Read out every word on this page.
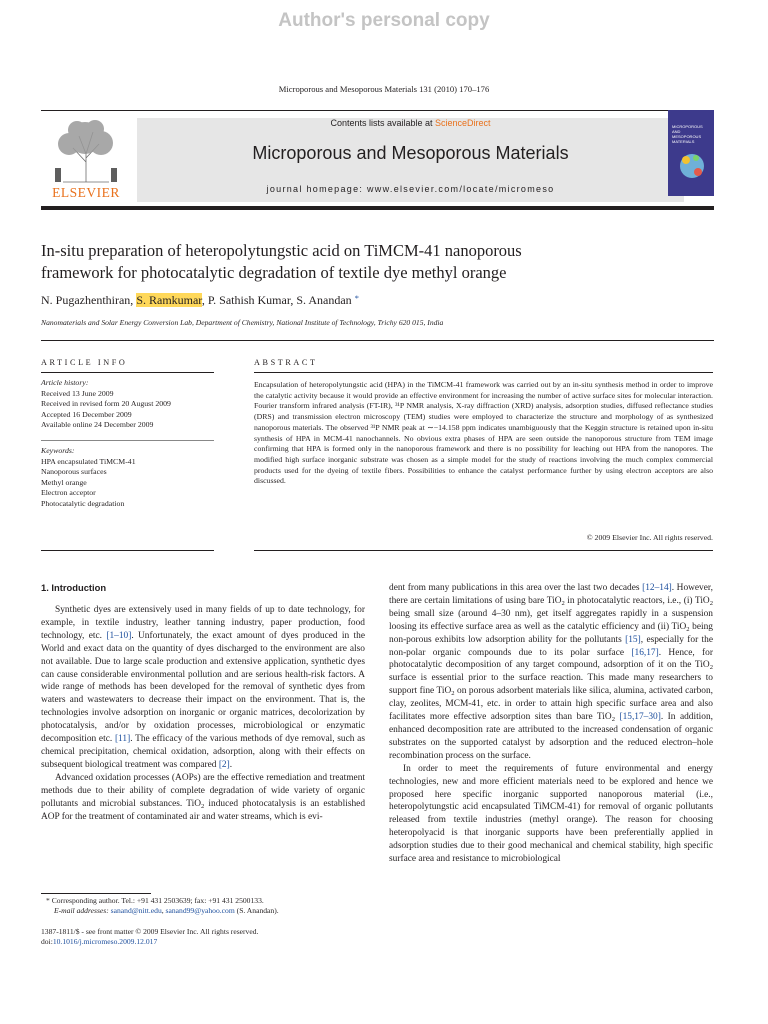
Author's personal copy
Microporous and Mesoporous Materials 131 (2010) 170–176
ELSEVIER
Contents lists available at ScienceDirect
Microporous and Mesoporous Materials
journal homepage: www.elsevier.com/locate/micromeso
MICROPOROUS AND MESOPOROUS MATERIALS
In-situ preparation of heteropolytungstic acid on TiMCM-41 nanoporous
framework for photocatalytic degradation of textile dye methyl orange
N. Pugazhenthiran, S. Ramkumar, P. Sathish Kumar, S. Anandan *
Nanomaterials and Solar Energy Conversion Lab, Department of Chemistry, National Institute of Technology, Trichy 620 015, India
ARTICLE INFO
Article history:
Received 13 June 2009
Received in revised form 20 August 2009
Accepted 16 December 2009
Available online 24 December 2009
Keywords:
HPA encapsulated TiMCM-41
Nanoporous surfaces
Methyl orange
Electron acceptor
Photocatalytic degradation
ABSTRACT
Encapsulation of heteropolytungstic acid (HPA) in the TiMCM-41 framework was carried out by an in-situ synthesis method in order to improve the catalytic activity because it would provide an effective environment for increasing the number of active surface sites for molecular interaction. Fourier transform infrared analysis (FT-IR), ³¹P NMR analysis, X-ray diffraction (XRD) analysis, adsorption studies, diffused reflectance studies (DRS) and transmission electron microscopy (TEM) studies were employed to characterize the structure and morphology of as synthesized nanoporous materials. The observed ³¹P NMR peak at ∼−14.158 ppm indicates unambiguously that the Keggin structure is retained upon in-situ synthesis of HPA in MCM-41 nanochannels. No obvious extra phases of HPA are seen outside the nanoporous structure from TEM image confirming that HPA is formed only in the nanoporous framework and there is no possibility for leaching out HPA from the nanopores. The modified high surface inorganic substrate was chosen as a simple model for the study of reactions involving the much complex commercial products used for the dyeing of textile fibers. Possibilities to enhance the catalyst performance further by using electron acceptors are also discussed.
© 2009 Elsevier Inc. All rights reserved.
1. Introduction

Synthetic dyes are extensively used in many fields of up to date technology, for example, in textile industry, leather tanning industry, paper production, food technology, etc. [1–10]. Unfortunately, the exact amount of dyes produced in the World and exact data on the quantity of dyes discharged to the environment are also not available. Due to large scale production and extensive application, synthetic dyes can cause considerable environmental pollution and are serious health-risk factors. A wide range of methods has been developed for the removal of synthetic dyes from waters and wastewaters to decrease their impact on the environment. That is, the technologies involve adsorption on inorganic or organic matrices, decolorization by photocatalysis, and/or by oxidation processes, microbiological or enzymatic decomposition etc. [11]. The efficacy of the various methods of dye removal, such as chemical precipitation, chemical oxidation, adsorption, along with their effects on subsequent biological treatment was compared [2].

Advanced oxidation processes (AOPs) are the effective remediation and treatment methods due to their ability of complete degradation of wide variety of organic pollutants and microbial substances. TiO$_2$ induced photocatalysis is an established AOP for the treatment of contaminated air and water streams, which is evi-

dent from many publications in this area over the last two decades [12–14]. However, there are certain limitations of using bare TiO$_2$ in photocatalytic reactors, i.e., (i) TiO$_2$ being small size (around 4–30 nm), get itself aggregates rapidly in a suspension loosing its effective surface area as well as the catalytic efficiency and (ii) TiO$_2$ being non-porous exhibits low adsorption ability for the pollutants [15], especially for the non-polar organic compounds due to its polar surface [16,17]. Hence, for photocatalytic decomposition of any target compound, adsorption of it on the TiO$_2$ surface is essential prior to the surface reaction. This made many researchers to support fine TiO$_2$ on porous adsorbent materials like silica, alumina, activated carbon, clay, zeolites, MCM-41, etc. in order to attain high specific surface area and also facilitates more effective adsorption sites than bare TiO$_2$ [15,17–30]. In addition, enhanced decomposition rate are attributed to the increased condensation of organic substrates on the supported catalyst by adsorption and the reduced electron–hole recombination process on the surface.

In order to meet the requirements of future environmental and energy technologies, new and more efficient materials need to be explored and hence we proposed here specific inorganic supported nanoporous material (i.e., heteropolytungstic acid encapsulated TiMCM-41) for removal of organic pollutants released from textile industries (methyl orange). The reason for choosing heteropolyacid is that inorganic supports have been preferentially applied in adsorption studies due to their good mechanical and chemical stability, high specific surface area and resistance to microbiological

* Corresponding author. Tel.: +91 431 2503639; fax: +91 431 2500133.
E-mail addresses: sanand@nitt.edu, sanand99@yahoo.com (S. Anandan).
1387-1811/$ - see front matter © 2009 Elsevier Inc. All rights reserved.
doi:10.1016/j.micromeso.2009.12.017
